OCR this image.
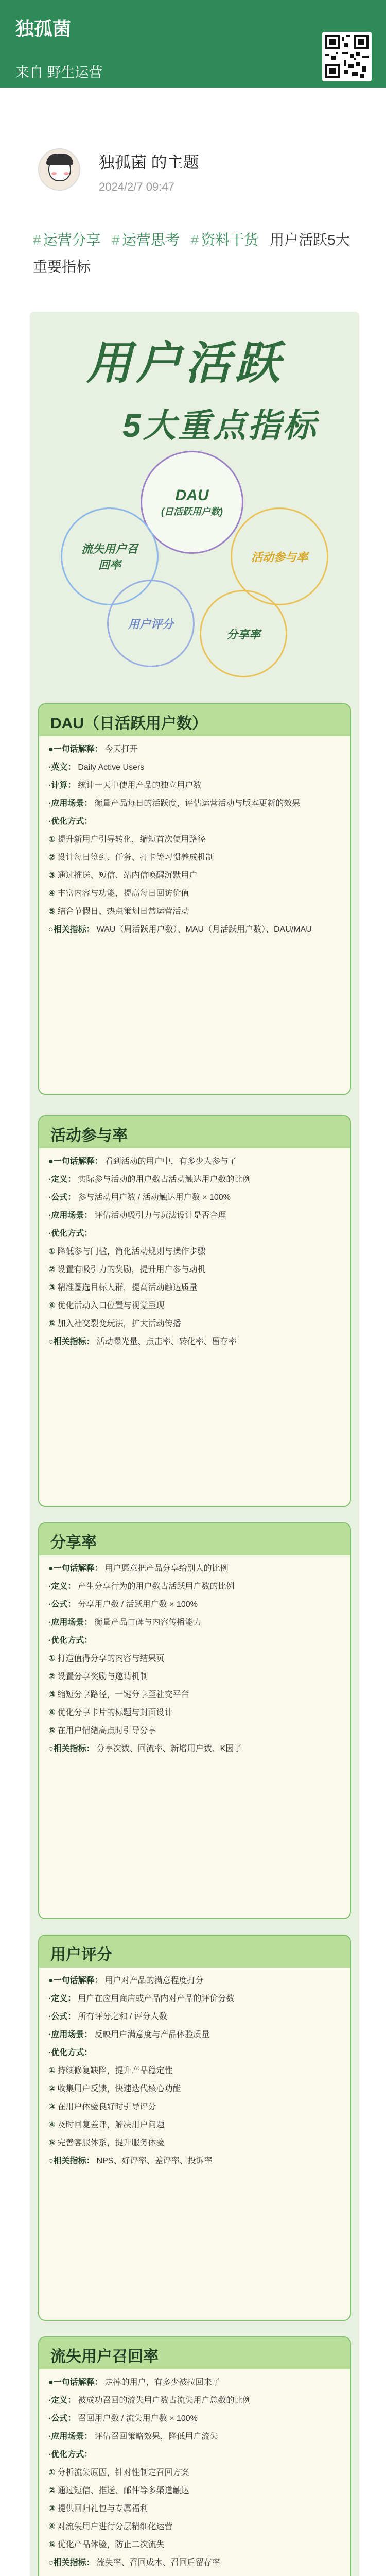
独孤菌
来自 野生运营
独孤菌 的主题
2024/2/7 09:47
# 运营分享 # 运营思考 # 资料干货 用户活跃5大重要指标
用户活跃
5大重点指标
DAU
(日活跃用户数)
流失用户召回率
活动参与率
用户评分
分享率
DAU（日活跃用户数）
●一句话解释： 今天打开
·英文： Daily Active Users
·计算： 统计一天中使用产品的独立用户数
·应用场景： 衡量产品每日的活跃度，评估运营活动与版本更新的效果
·优化方式：
① 提升新用户引导转化，缩短首次使用路径
② 设计每日签到、任务、打卡等习惯养成机制
③ 通过推送、短信、站内信唤醒沉默用户
④ 丰富内容与功能，提高每日回访价值
⑤ 结合节假日、热点策划日常运营活动
○相关指标： WAU（周活跃用户数）、MAU（月活跃用户数）、DAU/MAU
活动参与率
●一句话解释： 看到活动的用户中，有多少人参与了
·定义： 实际参与活动的用户数占活动触达用户数的比例
·公式： 参与活动用户数 / 活动触达用户数 × 100%
·应用场景： 评估活动吸引力与玩法设计是否合理
·优化方式：
① 降低参与门槛，简化活动规则与操作步骤
② 设置有吸引力的奖励，提升用户参与动机
③ 精准圈选目标人群，提高活动触达质量
④ 优化活动入口位置与视觉呈现
⑤ 加入社交裂变玩法，扩大活动传播
○相关指标： 活动曝光量、点击率、转化率、留存率
分享率
●一句话解释： 用户愿意把产品分享给别人的比例
·定义： 产生分享行为的用户数占活跃用户数的比例
·公式： 分享用户数 / 活跃用户数 × 100%
·应用场景： 衡量产品口碑与内容传播能力
·优化方式：
① 打造值得分享的内容与结果页
② 设置分享奖励与邀请机制
③ 缩短分享路径，一键分享至社交平台
④ 优化分享卡片的标题与封面设计
⑤ 在用户情绪高点时引导分享
○相关指标： 分享次数、回流率、新增用户数、K因子
用户评分
●一句话解释： 用户对产品的满意程度打分
·定义： 用户在应用商店或产品内对产品的评价分数
·公式： 所有评分之和 / 评分人数
·应用场景： 反映用户满意度与产品体验质量
·优化方式：
① 持续修复缺陷，提升产品稳定性
② 收集用户反馈，快速迭代核心功能
③ 在用户体验良好时引导评分
④ 及时回复差评，解决用户问题
⑤ 完善客服体系，提升服务体验
○相关指标： NPS、好评率、差评率、投诉率
流失用户召回率
●一句话解释： 走掉的用户，有多少被拉回来了
·定义： 被成功召回的流失用户数占流失用户总数的比例
·公式： 召回用户数 / 流失用户数 × 100%
·应用场景： 评估召回策略效果，降低用户流失
·优化方式：
① 分析流失原因，针对性制定召回方案
② 通过短信、推送、邮件等多渠道触达
③ 提供回归礼包与专属福利
④ 对流失用户进行分层精细化运营
⑤ 优化产品体验，防止二次流失
○相关指标： 流失率、召回成本、召回后留存率
